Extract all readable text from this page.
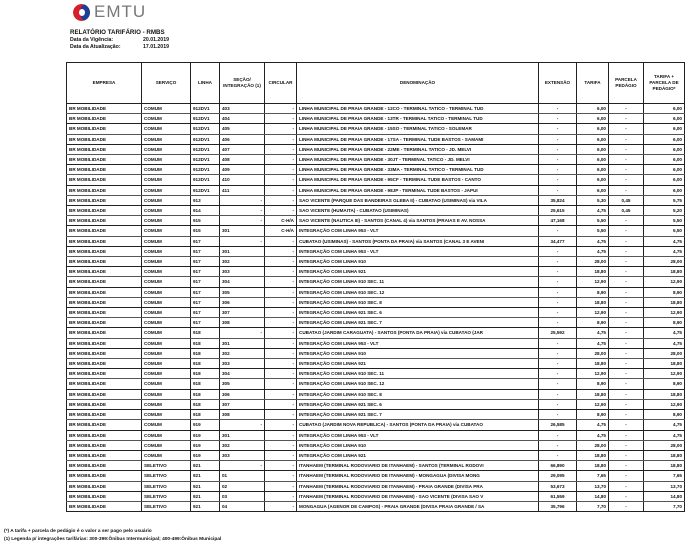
EMTU
RELATÓRIO TARIFÁRIO - RMBS
Data da Vigência:	20.01.2019
Data da Atualização:	17.01.2019
EMPRESA	SERVIÇO	LINHA	SEÇÃO/ INTEGRAÇÃO (1)	CIRCULAR	DENOMINAÇÃO	EXTENSÃO	TARIFA	PARCELA PEDÁGIO	TARIFA + PARCELA DE PEDÁGIO*
BR MOBILIDADE	COMUM	912DV1	403	-	LINHA MUNICIPAL DE PRAIA GRANDE - 12CO - TERMINAL TATICO - TERMINAL TUD	-	6,00	-	6,00
BR MOBILIDADE	COMUM	912DV1	404	-	LINHA MUNICIPAL DE PRAIA GRANDE - 13TR - TERMINAL TATICO - TERMINAL TUD	-	6,00	-	6,00
BR MOBILIDADE	COMUM	912DV1	405	-	LINHA MUNICIPAL DE PRAIA GRANDE - 15SO - TERMINAL TATICO - SOLEMAR	-	6,00	-	6,00
BR MOBILIDADE	COMUM	912DV1	406	-	LINHA MUNICIPAL DE PRAIA GRANDE - 17SA - TERMINAL TUDE BASTOS - SAMAMI	-	6,00	-	6,00
BR MOBILIDADE	COMUM	912DV1	407	-	LINHA MUNICIPAL DE PRAIA GRANDE - 22ME - TERMINAL TATICO - JD. MELVI	-	6,00	-	6,00
BR MOBILIDADE	COMUM	912DV1	408	-	LINHA MUNICIPAL DE PRAIA GRANDE - 30JT - TERMINAL TATICO - JD. MELVI	-	6,00	-	6,00
BR MOBILIDADE	COMUM	912DV1	409	-	LINHA MUNICIPAL DE PRAIA GRANDE - 33MA - TERMINAL TATICO - TERMINAL TUD	-	6,00	-	6,00
BR MOBILIDADE	COMUM	912DV1	410	-	LINHA MUNICIPAL DE PRAIA GRANDE - 95CF - TERMINAL TUDE BASTOS - CANTO	-	6,00	-	6,00
BR MOBILIDADE	COMUM	912DV1	411	-	LINHA MUNICIPAL DE PRAIA GRANDE - 98JP - TERMINAL TUDE BASTOS - JAPUI	-	6,00	-	6,00
BR MOBILIDADE	COMUM	913	-	-	SAO VICENTE (PARQUE DAS BANDEIRAS GLEBA II) - CUBATAO (USIMINAS) via VILA	35,824	5,30	0,45	5,75
BR MOBILIDADE	COMUM	914	-	-	SAO VICENTE (HUMAITA) - CUBATAO (USIMINAS)	25,615	4,75	0,45	5,20
BR MOBILIDADE	COMUM	915	-	C-H/A	SAO VICENTE (NAUTICA III) - SANTOS (CANAL 4) via SANTOS (PRAIAS E AV. NOSSA	47,168	5,50	-	5,50
BR MOBILIDADE	COMUM	915	301	C-H/A	INTEGRAÇÃO COM LINHA 953 - VLT	-	5,50	-	5,50
BR MOBILIDADE	COMUM	917	-	-	CUBATAO (USIMINAS) - SANTOS (PONTA DA PRAIA) via SANTOS (CANAL 3 E AVENI	34,477	4,75	-	4,75
BR MOBILIDADE	COMUM	917	301	-	INTEGRAÇÃO COM LINHA 953 - VLT	-	4,75	-	4,75
BR MOBILIDADE	COMUM	917	302	-	INTEGRAÇÃO COM LINHA 910	-	28,00	-	28,00
BR MOBILIDADE	COMUM	917	303	-	INTEGRAÇÃO COM LINHA 921	-	18,80	-	18,80
BR MOBILIDADE	COMUM	917	304	-	INTEGRAÇÃO COM LINHA 910 SEC. 11	-	12,90	-	12,90
BR MOBILIDADE	COMUM	917	305	-	INTEGRAÇÃO COM LINHA 910 SEC. 12	-	8,90	-	8,90
BR MOBILIDADE	COMUM	917	306	-	INTEGRAÇÃO COM LINHA 910 SEC. 8	-	18,80	-	18,80
BR MOBILIDADE	COMUM	917	307	-	INTEGRAÇÃO COM LINHA 921 SEC. 6	-	12,90	-	12,90
BR MOBILIDADE	COMUM	917	308	-	INTEGRAÇÃO COM LINHA 921 SEC. 7	-	8,90	-	8,90
BR MOBILIDADE	COMUM	918	-	-	CUBATAO (JARDIM CARAGUATA) - SANTOS (PONTA DA PRAIA) via CUBATAO (JAR	25,592	4,75	-	4,75
BR MOBILIDADE	COMUM	918	301	-	INTEGRAÇÃO COM LINHA 953 - VLT	-	4,75	-	4,75
BR MOBILIDADE	COMUM	918	302	-	INTEGRAÇÃO COM LINHA 910	-	28,00	-	28,00
BR MOBILIDADE	COMUM	918	303	-	INTEGRAÇÃO COM LINHA 921	-	18,80	-	18,80
BR MOBILIDADE	COMUM	918	304	-	INTEGRAÇÃO COM LINHA 910 SEC. 11	-	12,90	-	12,90
BR MOBILIDADE	COMUM	918	305	-	INTEGRAÇÃO COM LINHA 910 SEC. 12	-	8,90	-	8,90
BR MOBILIDADE	COMUM	918	306	-	INTEGRAÇÃO COM LINHA 910 SEC. 8	-	18,80	-	18,80
BR MOBILIDADE	COMUM	918	307	-	INTEGRAÇÃO COM LINHA 921 SEC. 6	-	12,90	-	12,90
BR MOBILIDADE	COMUM	918	308	-	INTEGRAÇÃO COM LINHA 921 SEC. 7	-	8,90	-	8,90
BR MOBILIDADE	COMUM	919	-	-	CUBATAO (JARDIM NOVA REPUBLICA) - SANTOS (PONTA DA PRAIA) via CUBATAO	26,585	4,75	-	4,75
BR MOBILIDADE	COMUM	919	301	-	INTEGRAÇÃO COM LINHA 953 - VLT	-	4,75	-	4,75
BR MOBILIDADE	COMUM	919	302	-	INTEGRAÇÃO COM LINHA 910	-	28,00	-	28,00
BR MOBILIDADE	COMUM	919	303	-	INTEGRAÇÃO COM LINHA 921	-	18,80	-	18,80
BR MOBILIDADE	SELETIVO	921	-	-	ITANHAEM (TERMINAL RODOVIARIO DE ITANHAEM) - SANTOS (TERMINAL RODOVI	66,890	18,80	-	18,80
BR MOBILIDADE	SELETIVO	921	01	-	ITANHAEM (TERMINAL RODOVIARIO DE ITANHAEM) - MONGAGUA (DIVISA MONG	29,095	7,65	-	7,65
BR MOBILIDADE	SELETIVO	921	02	-	ITANHAEM (TERMINAL RODOVIARIO DE ITANHAEM) - PRAIA GRANDE (DIVISA PRA	53,673	13,70	-	13,70
BR MOBILIDADE	SELETIVO	921	03	-	ITANHAEM (TERMINAL RODOVIARIO DE ITANHAEM) - SAO VICENTE (DIVISA SAO V	61,559	14,80	-	14,80
BR MOBILIDADE	SELETIVO	921	04	-	MONGAGUA (AGENOR DE CAMPOS) - PRAIA GRANDE (DIVISA PRAIA GRANDE / SA	35,796	7,70	-	7,70
(*) A tarifa + parcela de pedágio é o valor a ser pago pelo usuário
(1) Legenda p/ integrações tarifárias: 300-399:Ônibus Intermunicipal; 400-499:Ônibus Municipal
